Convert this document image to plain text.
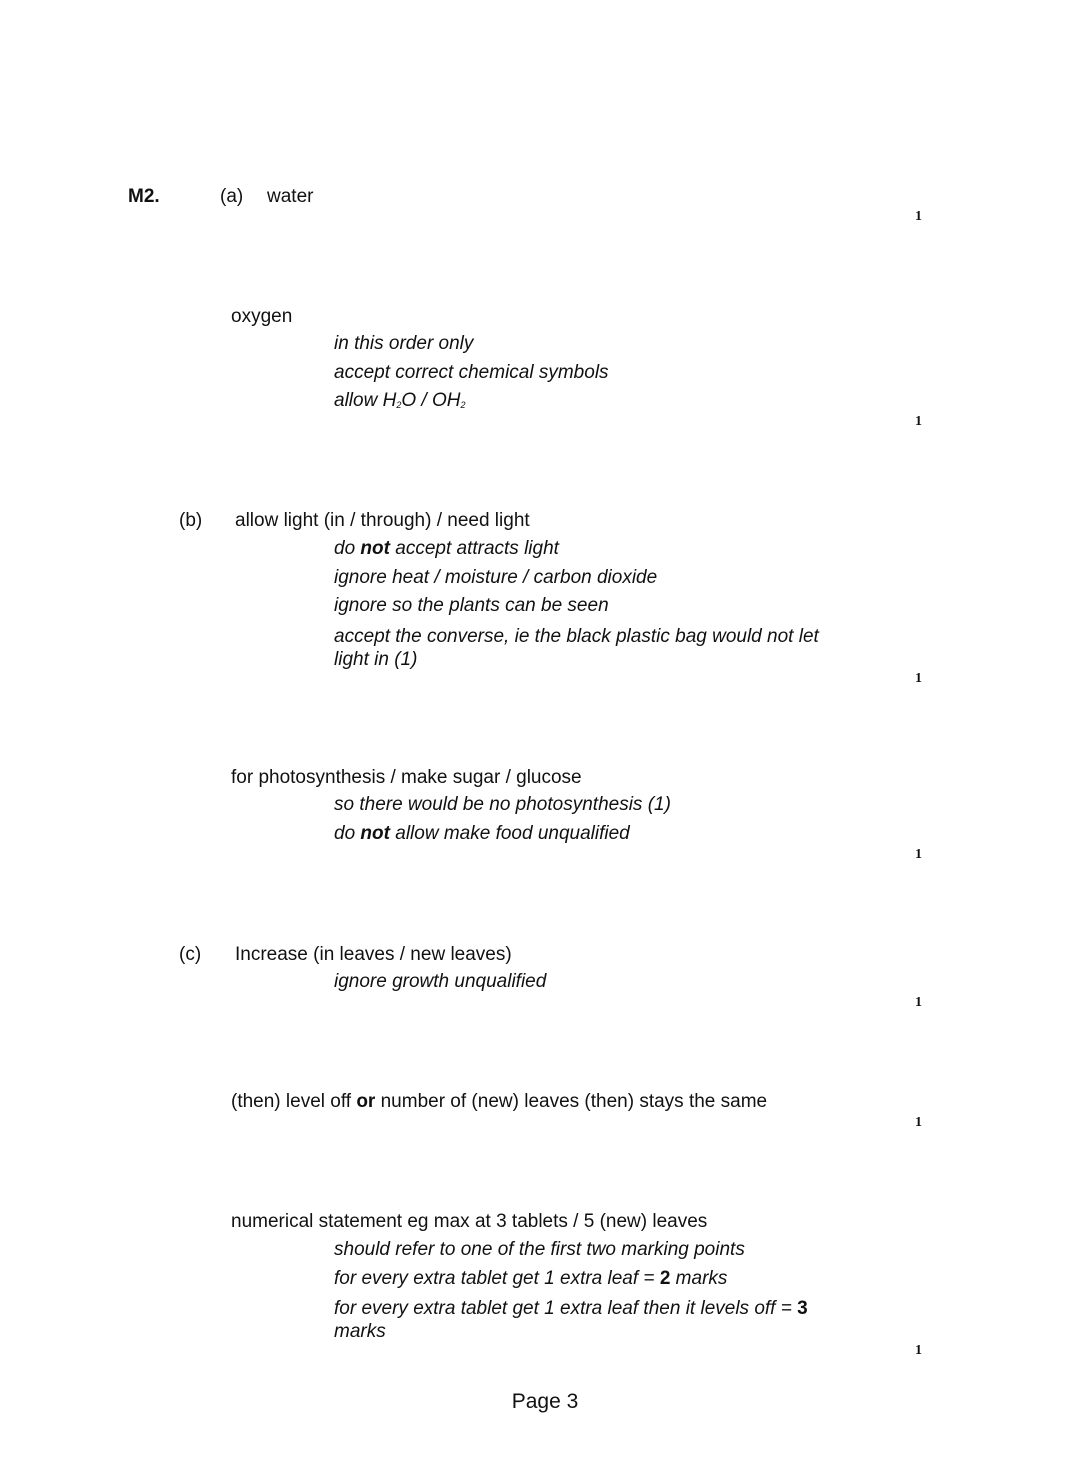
M2.	(a) water
1
oxygen
in this order only
accept correct chemical symbols
allow $H_2O / OH_2$
1
(b) allow light (in / through) / need light
do not accept attracts light
ignore heat / moisture / carbon dioxide
ignore so the plants can be seen
accept the converse, ie the black plastic bag would not let light in (1)
1
for photosynthesis / make sugar / glucose
so there would be no photosynthesis (1)
do not allow make food unqualified
1
(c) Increase (in leaves / new leaves)
ignore growth unqualified
1
(then) level off or number of (new) leaves (then) stays the same
1
numerical statement eg max at 3 tablets / 5 (new) leaves
should refer to one of the first two marking points
for every extra tablet get 1 extra leaf = 2 marks
for every extra tablet get 1 extra leaf then it levels off = 3 marks
1
Page 3
